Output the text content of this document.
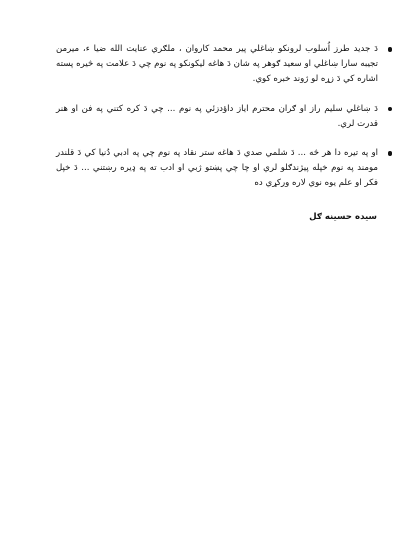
دَ جديد طرز اُسلوب لرونکو ښاغلي پير محمد کاروان ، ملګري عنايت الله ضيا ء، ميرمن تجيبه سارا ښاغلي او سعيد ګوهر په شان دَ هاغه ليکونکو په نوم چي دَ علامت په څيره پسته اشاره کي دَ زړه لو ژوند خبره کوي.
دَ ښاغلي سليم راز او ګران محترم اياز داؤدزئي په نوم ... چي دَ کره کتني په فن او هنر قدرت لري.
او په تيره دا هر څه ... دَ شلمي صدي دَ هاغه ستر نقاد په نوم چي په ادبي دُنيا کي دَ قلندر مومند په نوم خپله پيژندګلو لري او چا چي پښتو ژبي او ادب ته په ډيره رښتني ... دَ خپل فکر او علم يوه نوي لاره ورکړي ده
سيده حسينه ګل
